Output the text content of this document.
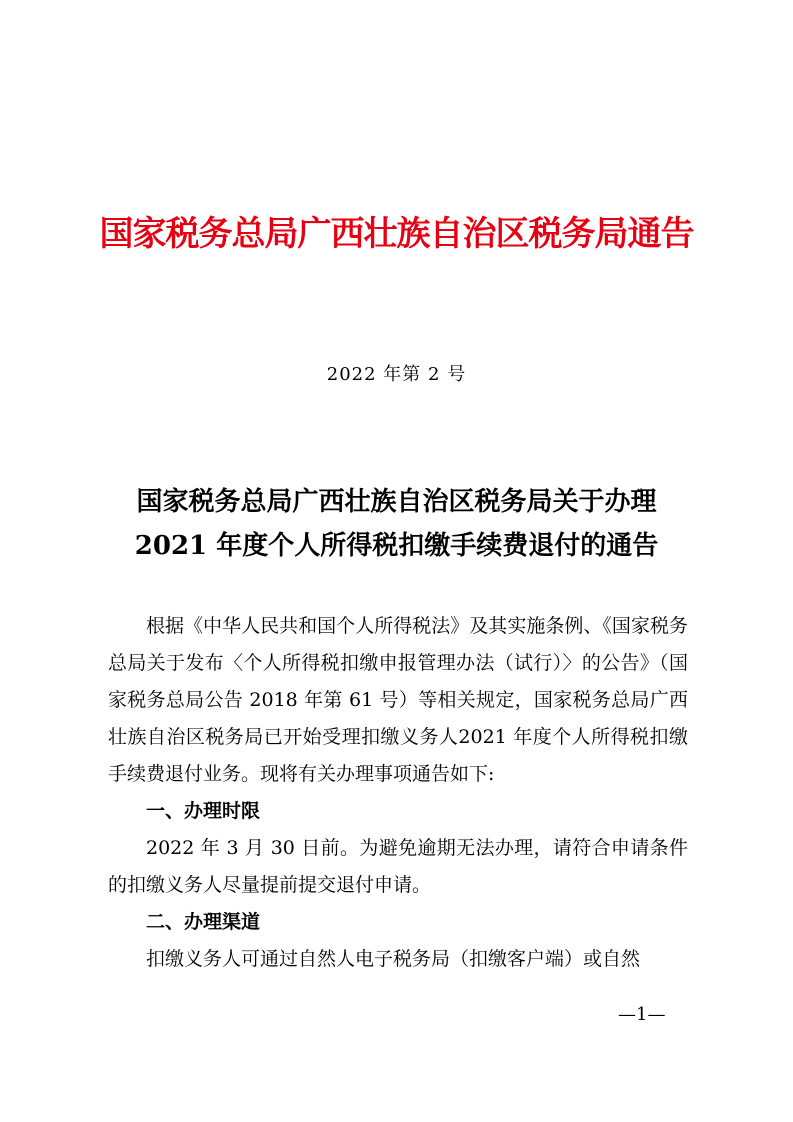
国家税务总局广西壮族自治区税务局通告
2022 年第 2 号
国家税务总局广西壮族自治区税务局关于办理
2021 年度个人所得税扣缴手续费退付的通告

根据《中华人民共和国个人所得税法》及其实施条例、《国家税务总局关于发布〈个人所得税扣缴申报管理办法（试行）〉的公告》（国家税务总局公告 2018 年第 61 号）等相关规定，国家税务总局广西壮族自治区税务局已开始受理扣缴义务人2021 年度个人所得税扣缴手续费退付业务。现将有关办理事项通告如下:

一、办理时限

2022 年 3 月 30 日前。为避免逾期无法办理，请符合申请条件的扣缴义务人尽量提前提交退付申请。

二、办理渠道

扣缴义务人可通过自然人电子税务局（扣缴客户端）或自然

—1—
